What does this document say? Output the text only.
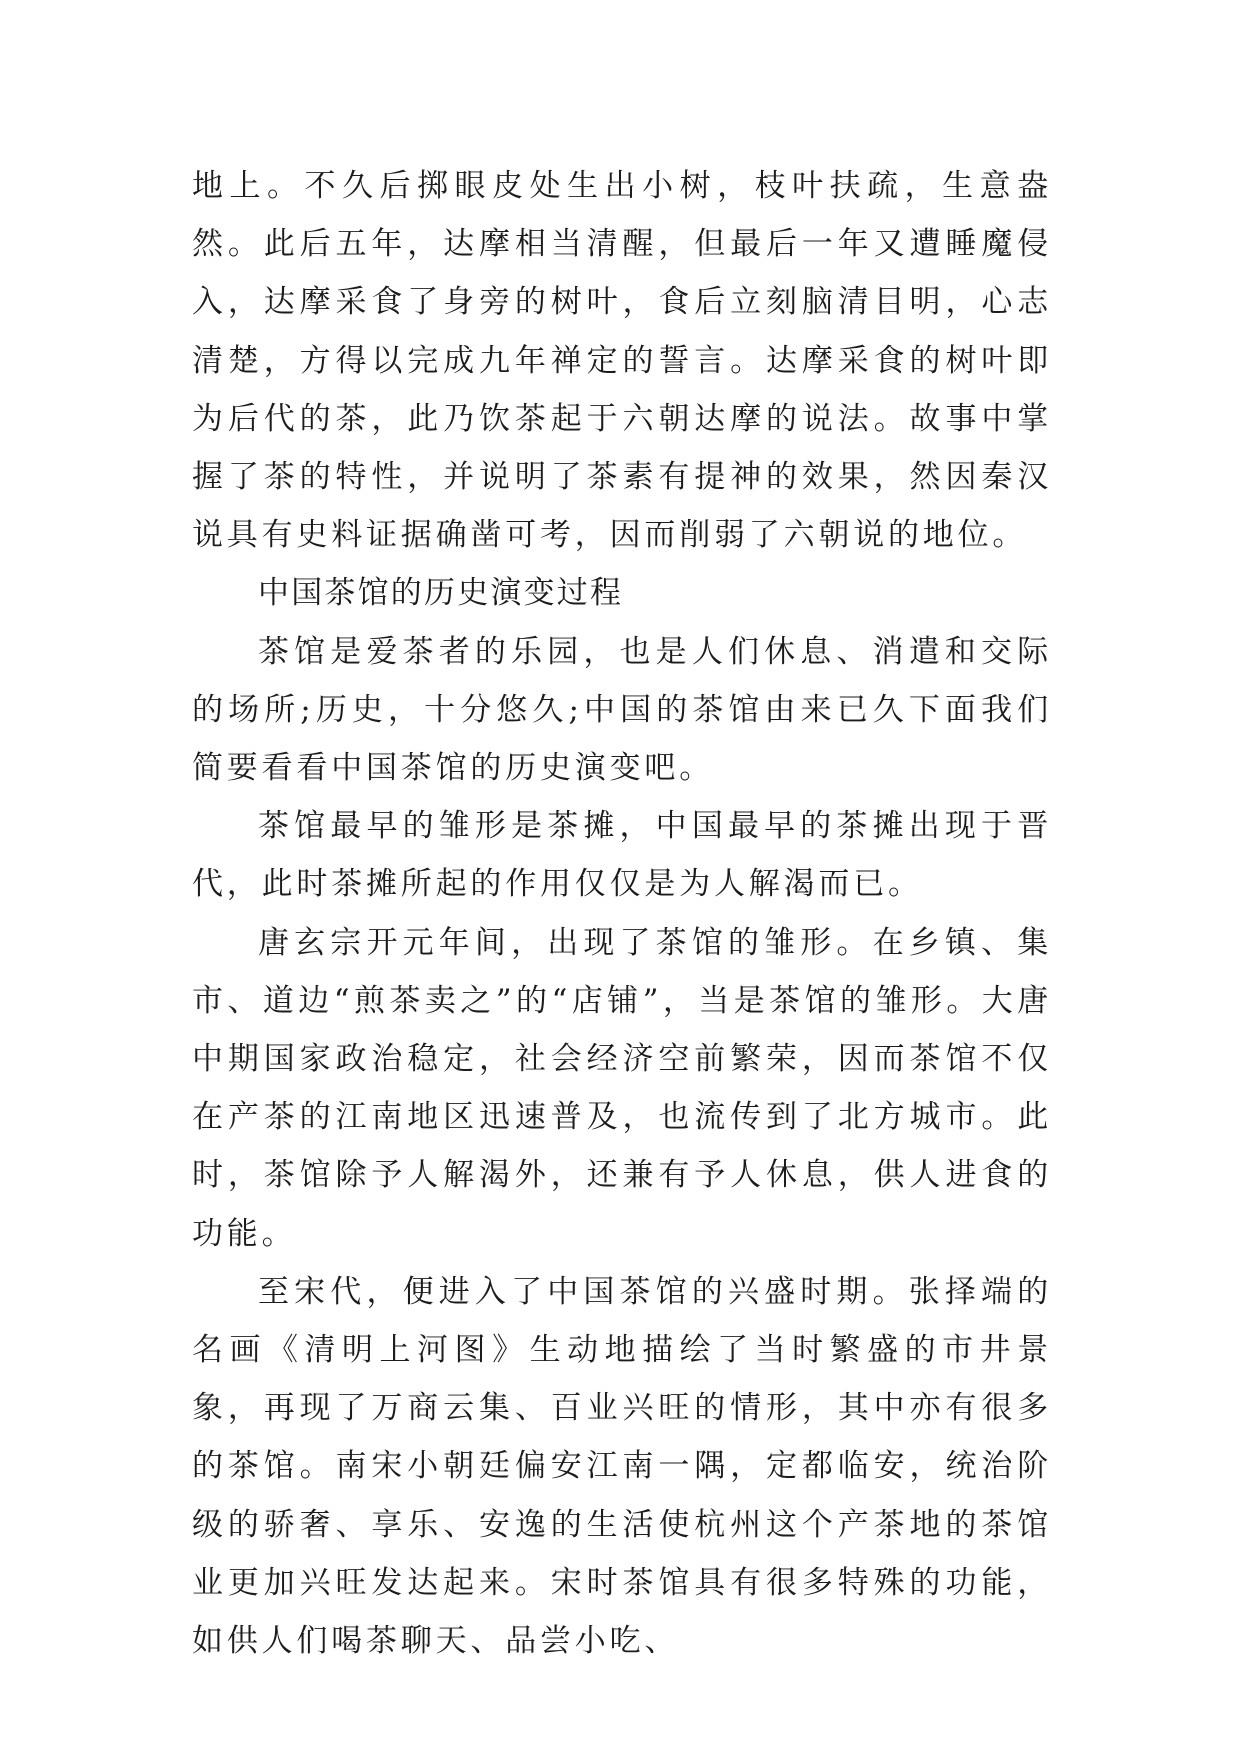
地上。不久后掷眼皮处生出小树，枝叶扶疏，生意盎然。此后五年，达摩相当清醒，但最后一年又遭睡魔侵入，达摩采食了身旁的树叶，食后立刻脑清目明，心志清楚，方得以完成九年禅定的誓言。达摩采食的树叶即为后代的茶，此乃饮茶起于六朝达摩的说法。故事中掌握了茶的特性，并说明了茶素有提神的效果，然因秦汉说具有史料证据确凿可考，因而削弱了六朝说的地位。

中国茶馆的历史演变过程

茶馆是爱茶者的乐园，也是人们休息、消遣和交际的场所;历史，十分悠久;中国的茶馆由来已久下面我们简要看看中国茶馆的历史演变吧。

茶馆最早的雏形是茶摊，中国最早的茶摊出现于晋代，此时茶摊所起的作用仅仅是为人解渴而已。

唐玄宗开元年间，出现了茶馆的雏形。在乡镇、集市、道边“煎茶卖之”的“店铺”，当是茶馆的雏形。大唐中期国家政治稳定，社会经济空前繁荣，因而茶馆不仅在产茶的江南地区迅速普及，也流传到了北方城市。此时，茶馆除予人解渴外，还兼有予人休息，供人进食的功能。

至宋代，便进入了中国茶馆的兴盛时期。张择端的名画《清明上河图》生动地描绘了当时繁盛的市井景象，再现了万商云集、百业兴旺的情形，其中亦有很多的茶馆。南宋小朝廷偏安江南一隅，定都临安，统治阶级的骄奢、享乐、安逸的生活使杭州这个产茶地的茶馆业更加兴旺发达起来。宋时茶馆具有很多特殊的功能，如供人们喝茶聊天、品尝小吃、
